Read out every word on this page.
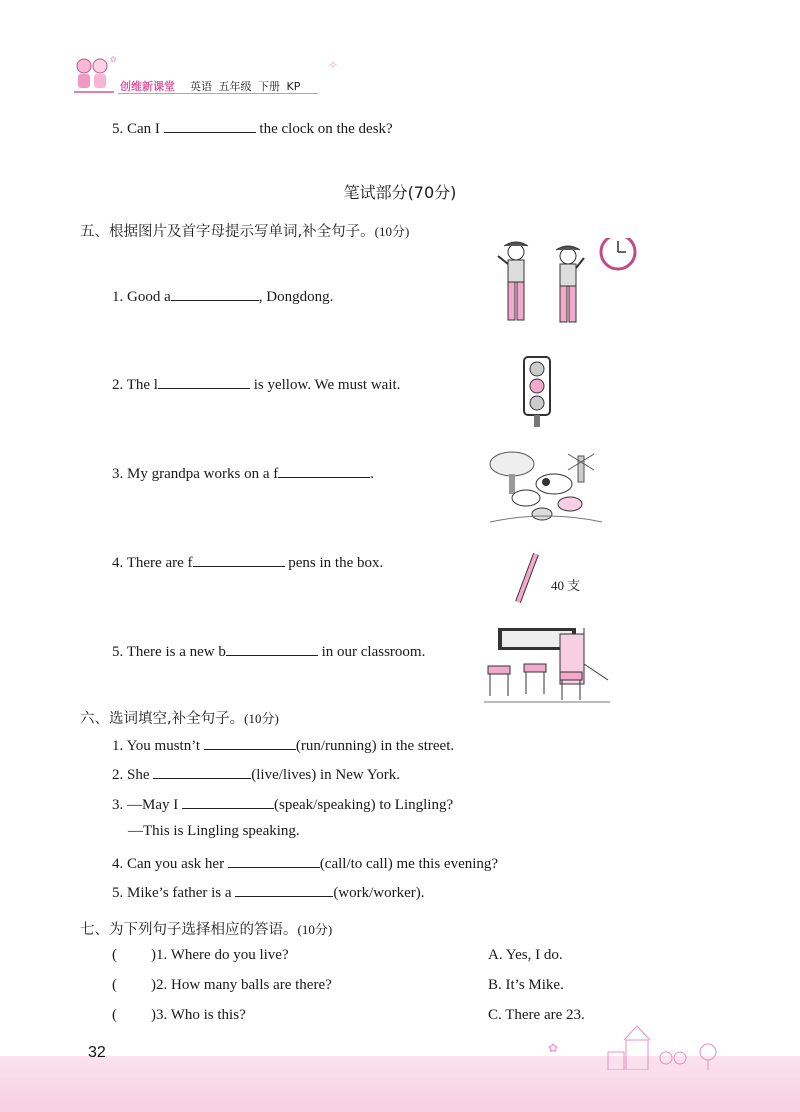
✿
创维新课堂 英语 五年级 下册 KP
✧
5. Can I	the clock on the desk?
笔试部分(70分)
五、根据图片及首字母提示写单词,补全句子。(10分)
1. Good a	, Dongdong.
2. The l	is yellow. We must wait.
3. My grandpa works on a f	.
4. There are f	pens in the box.
5. There is a new b	in our classroom.
40 支
六、选词填空,补全句子。(10分)
1. You mustn’t	(run/running) in the street.
2. She	(live/lives) in New York.
3. —May I	(speak/speaking) to Lingling?
—This is Lingling speaking.
4. Can you ask her	(call/to call) me this evening?
5. Mike’s father is a	(work/worker).
七、为下列句子选择相应的答语。(10分)
( )1. Where do you live?
( )2. How many balls are there?
( )3. Who is this?
A. Yes, I do.
B. It’s Mike.
C. There are 23.
✿
32
